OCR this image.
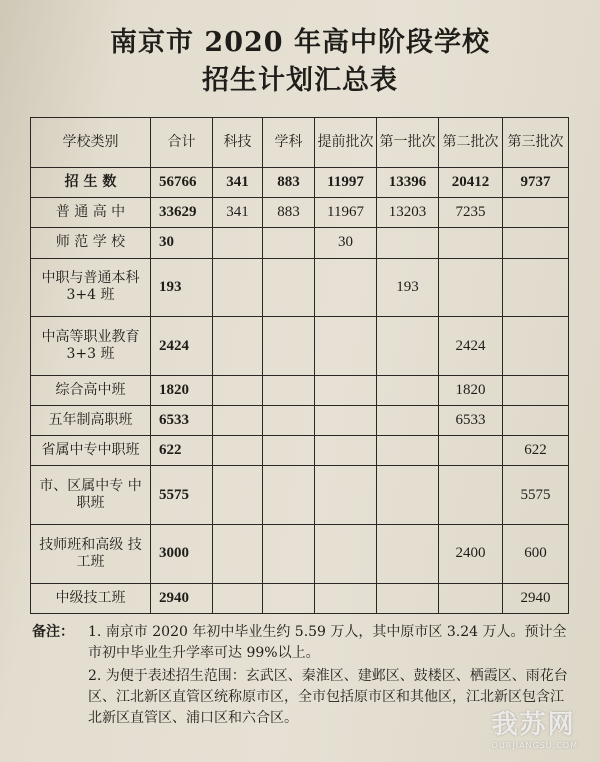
南京市 2020 年高中阶段学校
招生计划汇总表
学校类别	合计	科技	学科	提前批次	第一批次	第二批次	第三批次
招 生 数	56766	341	883	11997	13396	20412	9737
普 通 高 中	33629	341	883	11967	13203	7235	
师 范 学 校	30			30			
中职与普通本科 3+4 班	193				193		
中高等职业教育 3+3 班	2424					2424	
综合高中班	1820					1820	
五年制高职班	6533					6533	
省属中专中职班	622						622
市、区属中专 中职班	5575						5575
技师班和高级 技工班	3000					2400	600
中级技工班	2940						2940
备注： 1. 南京市 2020 年初中毕业生约 5.59 万人，其中原市区 3.24 万人。预计全市初中毕业生升学率可达 99%以上。
2. 为便于表述招生范围：玄武区、秦淮区、建邺区、鼓楼区、栖霞区、雨花台区、江北新区直管区统称原市区，全市包括原市区和其他区，江北新区包含江北新区直管区、浦口区和六合区。	我苏网
OURJIANGSU.COM
